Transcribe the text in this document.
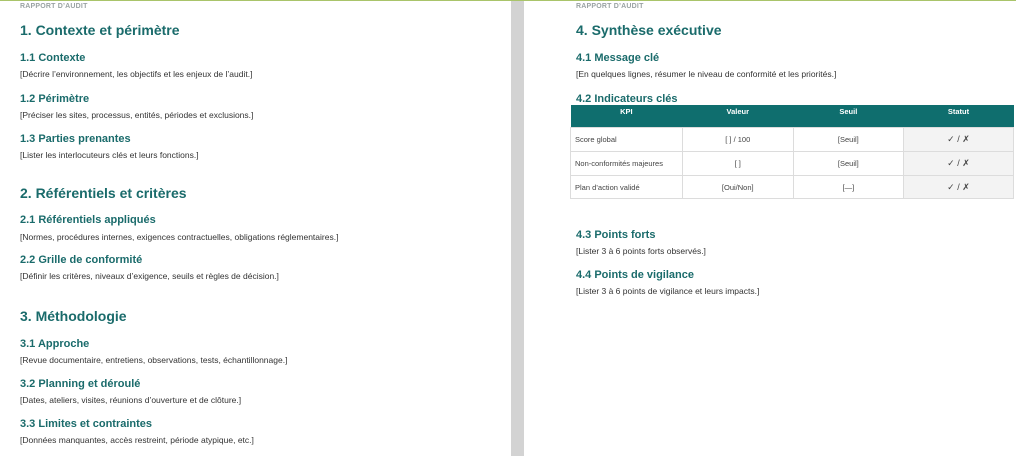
RAPPORT D’AUDIT
1. Contexte et périmètre
1.1 Contexte
[Décrire l’environnement, les objectifs et les enjeux de l’audit.]
1.2 Périmètre
[Préciser les sites, processus, entités, périodes et exclusions.]
1.3 Parties prenantes
[Lister les interlocuteurs clés et leurs fonctions.]
2. Référentiels et critères
2.1 Référentiels appliqués
[Normes, procédures internes, exigences contractuelles, obligations réglementaires.]
2.2 Grille de conformité
[Définir les critères, niveaux d’exigence, seuils et règles de décision.]
3. Méthodologie
3.1 Approche
[Revue documentaire, entretiens, observations, tests, échantillonnage.]
3.2 Planning et déroulé
[Dates, ateliers, visites, réunions d’ouverture et de clôture.]
3.3 Limites et contraintes
[Données manquantes, accès restreint, période atypique, etc.]
RAPPORT D’AUDIT
4. Synthèse exécutive
4.1 Message clé
[En quelques lignes, résumer le niveau de conformité et les priorités.]
4.2 Indicateurs clés
KPI	Valeur	Seuil	Statut
Score global	[ ] / 100	[Seuil]	✓ / ✗
Non-conformités majeures	[ ]	[Seuil]	✓ / ✗
Plan d’action validé	[Oui/Non]	[—]	✓ / ✗
4.3 Points forts
[Lister 3 à 6 points forts observés.]
4.4 Points de vigilance
[Lister 3 à 6 points de vigilance et leurs impacts.]
